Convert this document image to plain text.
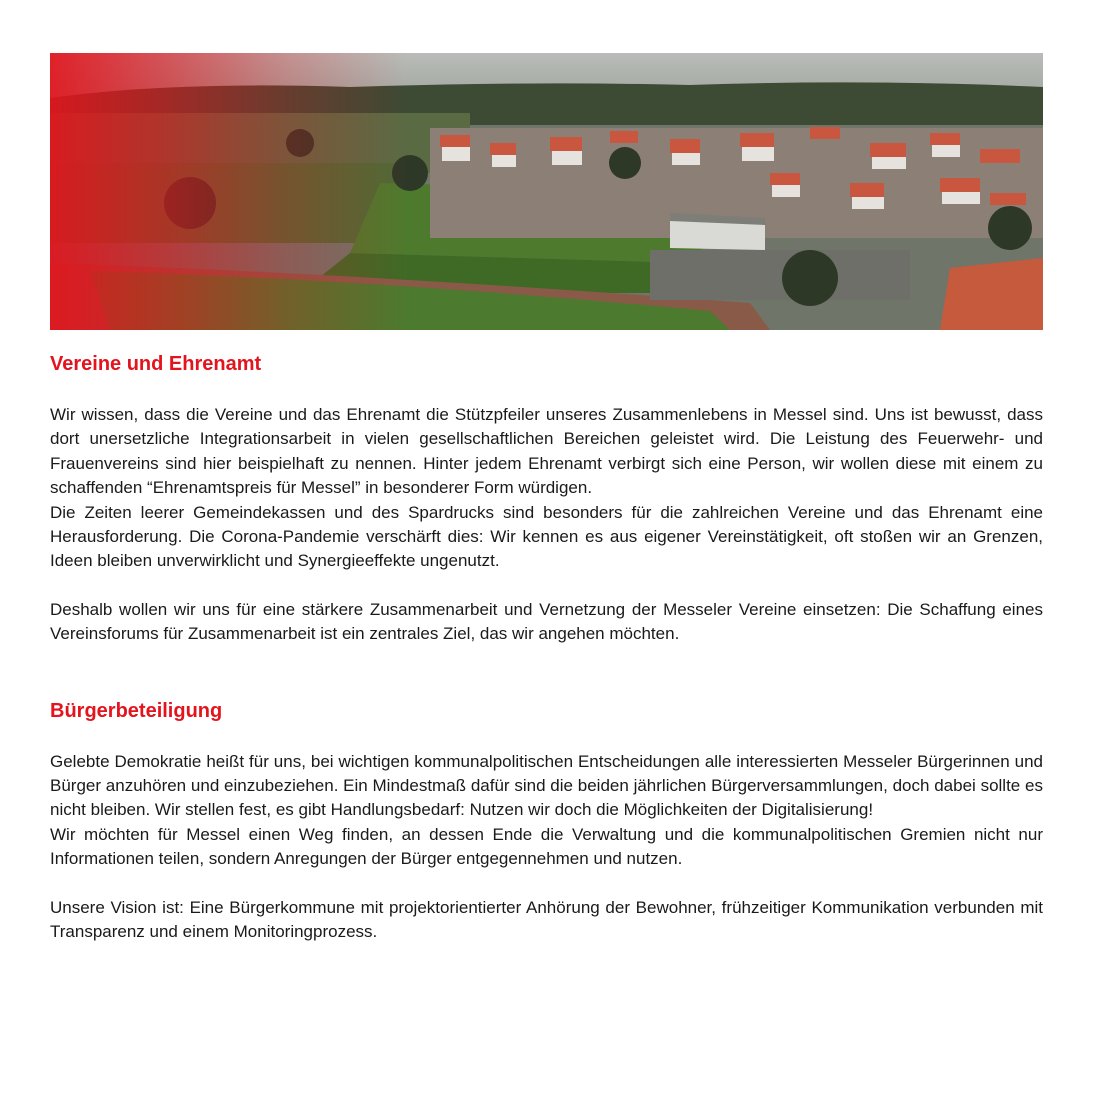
Vereine und Ehrenamt

Wir wissen, dass die Vereine und das Ehrenamt die Stützpfeiler unseres Zusammenlebens in Messel sind. Uns ist bewusst, dass dort unersetzliche Integrationsarbeit in vielen gesellschaftlichen Bereichen geleistet wird. Die Leistung des Feuerwehr- und Frauenvereins sind hier beispielhaft zu nennen. Hinter jedem Ehrenamt verbirgt sich eine Person, wir wollen diese mit einem zu schaffenden “Ehrenamtspreis für Messel” in besonderer Form würdigen.

Die Zeiten leerer Gemeindekassen und des Spardrucks sind besonders für die zahlreichen Vereine und das Ehrenamt eine Herausforderung. Die Corona-Pandemie verschärft dies: Wir kennen es aus eigener Vereinstätigkeit, oft stoßen wir an Grenzen, Ideen bleiben unverwirklicht und Synergieeffekte ungenutzt.

Deshalb wollen wir uns für eine stärkere Zusammenarbeit und Vernetzung der Messeler Vereine einsetzen: Die Schaffung eines Vereinsforums für Zusammenarbeit ist ein zentrales Ziel, das wir angehen möchten.

Bürgerbeteiligung

Gelebte Demokratie heißt für uns, bei wichtigen kommunalpolitischen Entscheidungen alle interessierten Messeler Bürgerinnen und Bürger anzuhören und einzubeziehen. Ein Mindestmaß dafür sind die beiden jährlichen Bürgerversammlungen, doch dabei sollte es nicht bleiben. Wir stellen fest, es gibt Handlungsbedarf: Nutzen wir doch die Möglichkeiten der Digitalisierung!

Wir möchten für Messel einen Weg finden, an dessen Ende die Verwaltung und die kommunalpolitischen Gremien nicht nur Informationen teilen, sondern Anregungen der Bürger entgegennehmen und nutzen.

Unsere Vision ist: Eine Bürgerkommune mit projektorientierter Anhörung der Bewohner, frühzeitiger Kommunikation verbunden mit Transparenz und einem Monitoringprozess.
